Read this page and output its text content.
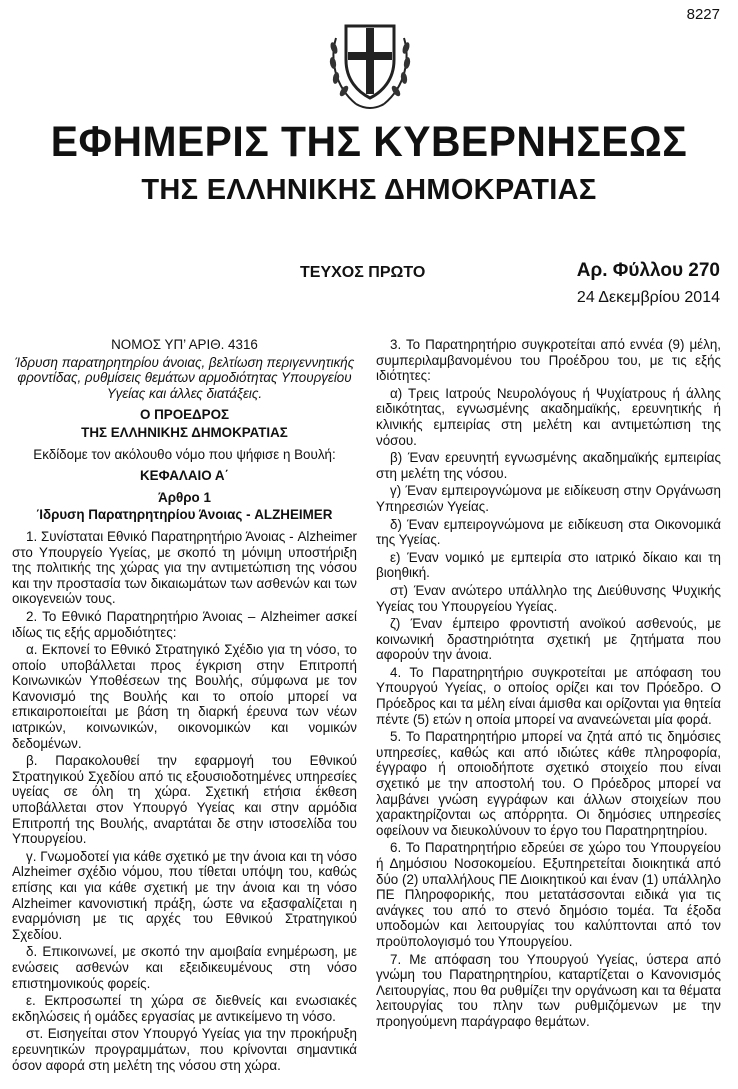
8227
ΕΦΗΜΕΡΙΣ ΤΗΣ ΚΥΒΕΡΝΗΣΕΩΣ
ΤΗΣ ΕΛΛΗΝΙΚΗΣ ΔΗΜΟΚΡΑΤΙΑΣ
ΤΕΥΧΟΣ ΠΡΩΤΟ	Αρ. Φύλλου 270
24 Δεκεμβρίου 2014

ΝΟΜΟΣ ΥΠ’ ΑΡΙΘ. 4316

Ίδρυση παρατηρητηρίου άνοιας, βελτίωση περιγεννητικής φροντίδας, ρυθμίσεις θεμάτων αρμοδιότητας Υπουργείου Υγείας και άλλες διατάξεις.

Ο ΠΡΟΕΔΡΟΣ

ΤΗΣ ΕΛΛΗΝΙΚΗΣ ΔΗΜΟΚΡΑΤΙΑΣ

Εκδίδομε τον ακόλουθο νόμο που ψήφισε η Βουλή:

ΚΕΦΑΛΑΙΟ Α΄

Άρθρο 1

Ίδρυση Παρατηρητηρίου Άνοιας - ALZHEIMER

1. Συνίσταται Εθνικό Παρατηρητήριο Άνοιας - Alzheimer στο Υπουργείο Υγείας, με σκοπό τη μόνιμη υποστήριξη της πολιτικής της χώρας για την αντιμετώπιση της νόσου και την προστασία των δικαιωμάτων των ασθενών και των οικογενειών τους.

2. Το Εθνικό Παρατηρητήριο Άνοιας – Alzheimer ασκεί ιδίως τις εξής αρμοδιότητες:

α. Εκπονεί το Εθνικό Στρατηγικό Σχέδιο για τη νόσο, το οποίο υποβάλλεται προς έγκριση στην Επιτροπή Κοινωνικών Υποθέσεων της Βουλής, σύμφωνα με τον Κανονισμό της Βουλής και το οποίο μπορεί να επικαιροποιείται με βάση τη διαρκή έρευνα των νέων ιατρικών, κοινωνικών, οικονομικών και νομικών δεδομένων.

β. Παρακολουθεί την εφαρμογή του Εθνικού Στρατηγικού Σχεδίου από τις εξουσιοδοτημένες υπηρεσίες υγείας σε όλη τη χώρα. Σχετική ετήσια έκθεση υποβάλλεται στον Υπουργό Υγείας και στην αρμόδια Επιτροπή της Βουλής, αναρτάται δε στην ιστοσελίδα του Υπουργείου.

γ. Γνωμοδοτεί για κάθε σχετικό με την άνοια και τη νόσο Alzheimer σχέδιο νόμου, που τίθεται υπόψη του, καθώς επίσης και για κάθε σχετική με την άνοια και τη νόσο Alzheimer κανονιστική πράξη, ώστε να εξασφαλίζεται η εναρμόνιση με τις αρχές του Εθνικού Στρατηγικού Σχεδίου.

δ. Επικοινωνεί, με σκοπό την αμοιβαία ενημέρωση, με ενώσεις ασθενών και εξειδικευμένους στη νόσο επιστημονικούς φορείς.

ε. Εκπροσωπεί τη χώρα σε διεθνείς και ενωσιακές εκδηλώσεις ή ομάδες εργασίας με αντικείμενο τη νόσο.

στ. Εισηγείται στον Υπουργό Υγείας για την προκήρυξη ερευνητικών προγραμμάτων, που κρίνονται σημαντικά όσον αφορά στη μελέτη της νόσου στη χώρα.

3. Το Παρατηρητήριο συγκροτείται από εννέα (9) μέλη, συμπεριλαμβανομένου του Προέδρου του, με τις εξής ιδιότητες:

α) Τρεις Ιατρούς Νευρολόγους ή Ψυχίατρους ή άλλης ειδικότητας, εγνωσμένης ακαδημαϊκής, ερευνητικής ή κλινικής εμπειρίας στη μελέτη και αντιμετώπιση της νόσου.

β) Έναν ερευνητή εγνωσμένης ακαδημαϊκής εμπειρίας στη μελέτη της νόσου.

γ) Έναν εμπειρογνώμονα με ειδίκευση στην Οργάνωση Υπηρεσιών Υγείας.

δ) Έναν εμπειρογνώμονα με ειδίκευση στα Οικονομικά της Υγείας.

ε) Έναν νομικό με εμπειρία στο ιατρικό δίκαιο και τη βιοηθική.

στ) Έναν ανώτερο υπάλληλο της Διεύθυνσης Ψυχικής Υγείας του Υπουργείου Υγείας.

ζ) Έναν έμπειρο φροντιστή ανοϊκού ασθενούς, με κοινωνική δραστηριότητα σχετική με ζητήματα που αφορούν την άνοια.

4. Το Παρατηρητήριο συγκροτείται με απόφαση του Υπουργού Υγείας, ο οποίος ορίζει και τον Πρόεδρο. Ο Πρόεδρος και τα μέλη είναι άμισθα και ορίζονται για θητεία πέντε (5) ετών η οποία μπορεί να ανανεώνεται μία φορά.

5. Το Παρατηρητήριο μπορεί να ζητά από τις δημόσιες υπηρεσίες, καθώς και από ιδιώτες κάθε πληροφορία, έγγραφο ή οποιοδήποτε σχετικό στοιχείο που είναι σχετικό με την αποστολή του. Ο Πρόεδρος μπορεί να λαμβάνει γνώση εγγράφων και άλλων στοιχείων που χαρακτηρίζονται ως απόρρητα. Οι δημόσιες υπηρεσίες οφείλουν να διευκολύνουν το έργο του Παρατηρητηρίου.

6. Το Παρατηρητήριο εδρεύει σε χώρο του Υπουργείου ή Δημόσιου Νοσοκομείου. Εξυπηρετείται διοικητικά από δύο (2) υπαλλήλους ΠΕ Διοικητικού και έναν (1) υπάλληλο ΠΕ Πληροφορικής, που μετατάσσονται ειδικά για τις ανάγκες του από το στενό δημόσιο τομέα. Τα έξοδα υποδομών και λειτουργίας του καλύπτονται από τον προϋπολογισμό του Υπουργείου.

7. Με απόφαση του Υπουργού Υγείας, ύστερα από γνώμη του Παρατηρητηρίου, καταρτίζεται ο Κανονισμός Λειτουργίας, που θα ρυθμίζει την οργάνωση και τα θέματα λειτουργίας του πλην των ρυθμιζόμενων με την προηγούμενη παράγραφο θεμάτων.
